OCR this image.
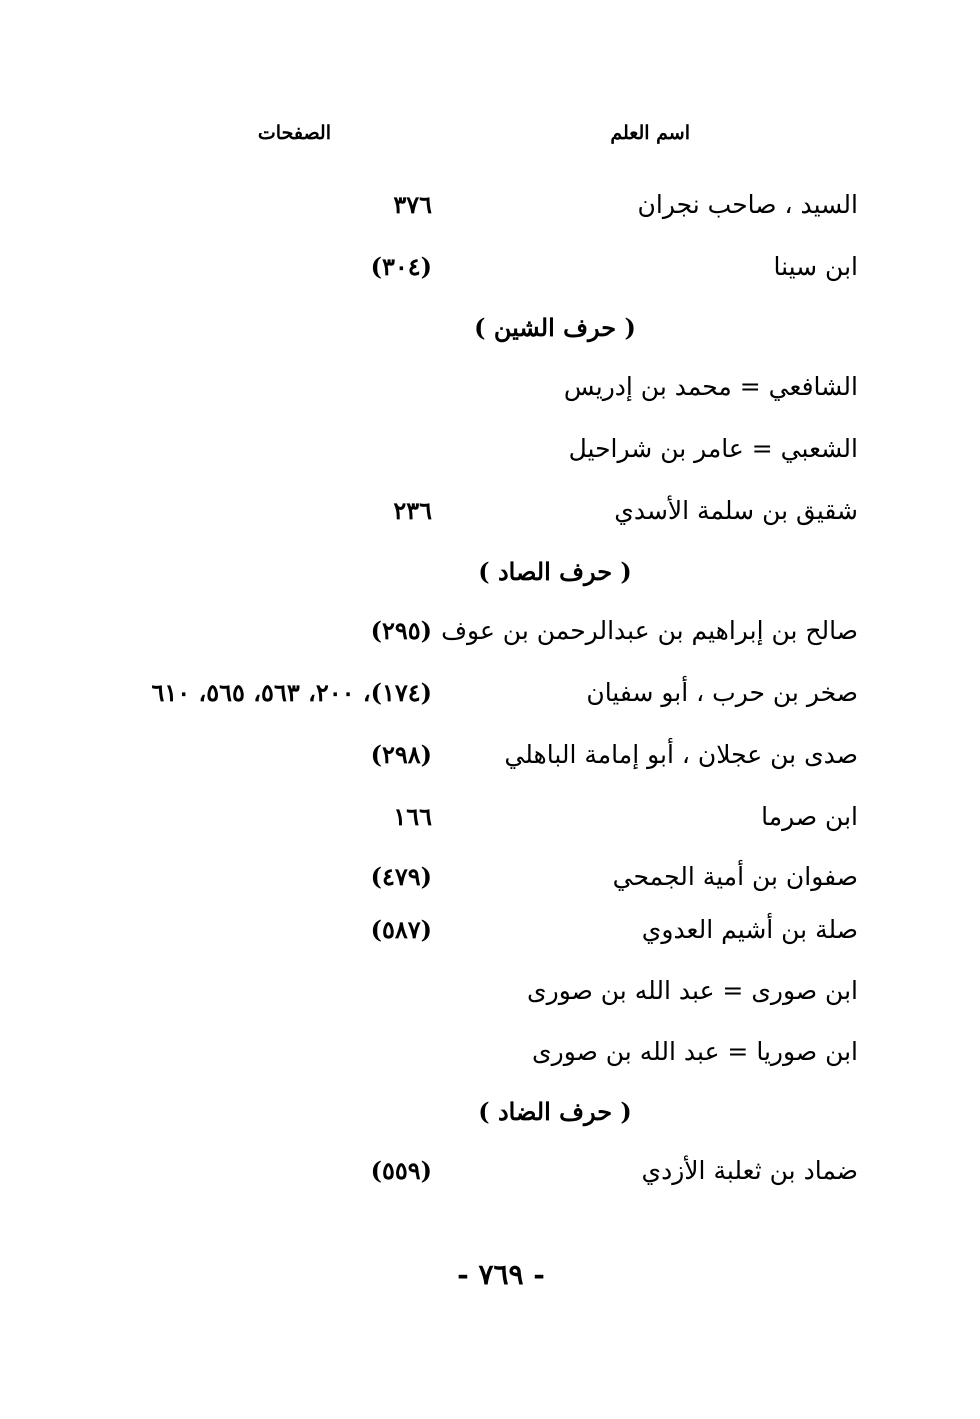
اسم العلم
الصفحات
السيد ، صاحب نجران
٣٧٦
ابن سينا
(٣٠٤)
( حرف الشين )
الشافعي = محمد بن إدريس
الشعبي = عامر بن شراحيل
شقيق بن سلمة الأسدي
٢٣٦
( حرف الصاد )
صالح بن إبراهيم بن عبدالرحمن بن عوف
(٢٩٥)
صخر بن حرب ، أبو سفيان
(١٧٤)، ٢٠٠، ٥٦٣، ٥٦٥، ٦١٠
صدى بن عجلان ، أبو إمامة الباهلي
(٢٩٨)
ابن صرما
١٦٦
صفوان بن أمية الجمحي
(٤٧٩)
صلة بن أشيم العدوي
(٥٨٧)
ابن صورى = عبد الله بن صورى
ابن صوريا = عبد الله بن صورى
( حرف الضاد )
ضماد بن ثعلبة الأزدي
(٥٥٩)
- ٧٦٩ -
